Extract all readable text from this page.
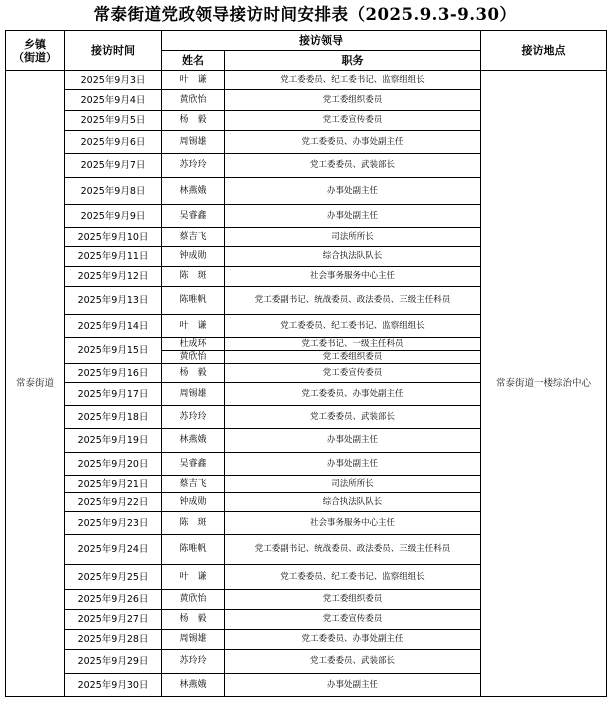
常泰街道党政领导接访时间安排表（2025.9.3-9.30）
乡镇
（街道）	接访时间	接访领导		接访地点
		姓名	职务	
常泰街道	2025年9月3日	叶　谦	党工委委员、纪工委书记、监察组组长	常泰街道一楼综治中心
	2025年9月4日	黄欣怡	党工委组织委员	
	2025年9月5日	杨　毅	党工委宣传委员	
	2025年9月6日	周锡雄	党工委委员、办事处副主任	
	2025年9月7日	苏玲玲	党工委委员、武装部长	
	2025年9月8日	林燕娥	办事处副主任	
	2025年9月9日	吴睿鑫	办事处副主任	
	2025年9月10日	蔡吉飞	司法所所长	
	2025年9月11日	钟成勋	综合执法队队长	
	2025年9月12日	陈　斑	社会事务服务中心主任	
	2025年9月13日	陈唯帆	党工委副书记、统战委员、政法委员、三级主任科员	
	2025年9月14日	叶　谦	党工委委员、纪工委书记、监察组组长	
	2025年9月15日	杜成环	党工委书记、一级主任科员	
		黄欣怡	党工委组织委员	
	2025年9月16日	杨　毅	党工委宣传委员	
	2025年9月17日	周锡雄	党工委委员、办事处副主任	
	2025年9月18日	苏玲玲	党工委委员、武装部长	
	2025年9月19日	林燕娥	办事处副主任	
	2025年9月20日	吴睿鑫	办事处副主任	
	2025年9月21日	蔡吉飞	司法所所长	
	2025年9月22日	钟成勋	综合执法队队长	
	2025年9月23日	陈　斑	社会事务服务中心主任	
	2025年9月24日	陈唯帆	党工委副书记、统战委员、政法委员、三级主任科员	
	2025年9月25日	叶　谦	党工委委员、纪工委书记、监察组组长	
	2025年9月26日	黄欣怡	党工委组织委员	
	2025年9月27日	杨　毅	党工委宣传委员	
	2025年9月28日	周锡雄	党工委委员、办事处副主任	
	2025年9月29日	苏玲玲	党工委委员、武装部长	
	2025年9月30日	林燕娥	办事处副主任	
